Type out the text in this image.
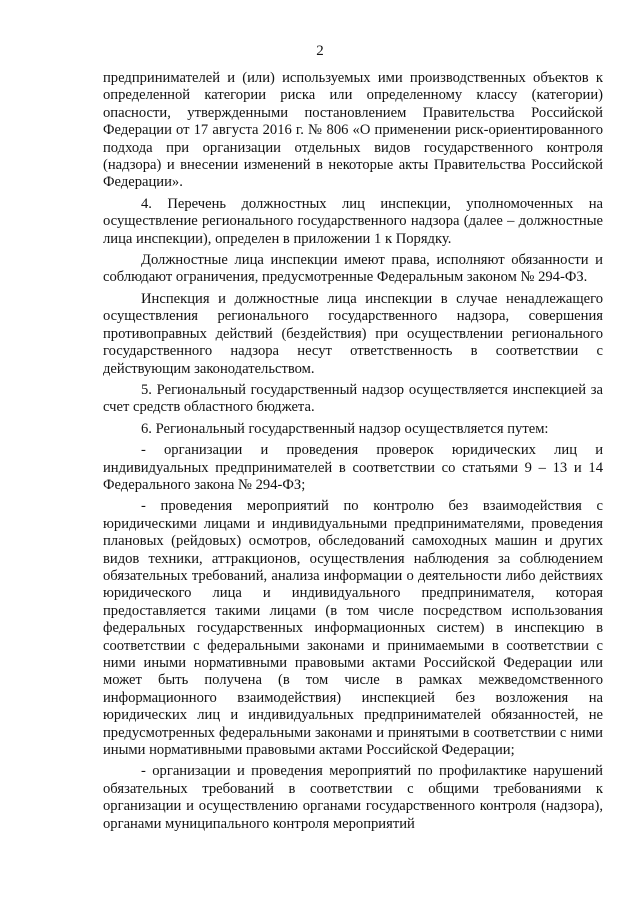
2

предпринимателей и (или) используемых ими производственных объектов к определенной категории риска или определенному классу (категории) опасности, утвержденными постановлением Правительства Российской Федерации от 17 августа 2016 г. № 806 «О применении риск-ориентированного подхода при организации отдельных видов государственного контроля (надзора) и внесении изменений в некоторые акты Правительства Российской Федерации».

4. Перечень должностных лиц инспекции, уполномоченных на осуществление регионального государственного надзора (далее – должностные лица инспекции), определен в приложении 1 к Порядку.

Должностные лица инспекции имеют права, исполняют обязанности и соблюдают ограничения, предусмотренные Федеральным законом № 294-ФЗ.

Инспекция и должностные лица инспекции в случае ненадлежащего осуществления регионального государственного надзора, совершения противоправных действий (бездействия) при осуществлении регионального государственного надзора несут ответственность в соответствии с действующим законодательством.

5. Региональный государственный надзор осуществляется инспекцией за счет средств областного бюджета.

6. Региональный государственный надзор осуществляется путем:

- организации и проведения проверок юридических лиц и индивидуальных предпринимателей в соответствии со статьями 9 – 13 и 14 Федерального закона № 294-ФЗ;

- проведения мероприятий по контролю без взаимодействия с юридическими лицами и индивидуальными предпринимателями, проведения плановых (рейдовых) осмотров, обследований самоходных машин и других видов техники, аттракционов, осуществления наблюдения за соблюдением обязательных требований, анализа информации о деятельности либо действиях юридического лица и индивидуального предпринимателя, которая предоставляется такими лицами (в том числе посредством использования федеральных государственных информационных систем) в инспекцию в соответствии с федеральными законами и принимаемыми в соответствии с ними иными нормативными правовыми актами Российской Федерации или может быть получена (в том числе в рамках межведомственного информационного взаимодействия) инспекцией без возложения на юридических лиц и индивидуальных предпринимателей обязанностей, не предусмотренных федеральными законами и принятыми в соответствии с ними иными нормативными правовыми актами Российской Федерации;

- организации и проведения мероприятий по профилактике нарушений обязательных требований в соответствии с общими требованиями к организации и осуществлению органами государственного контроля (надзора), органами муниципального контроля мероприятий
